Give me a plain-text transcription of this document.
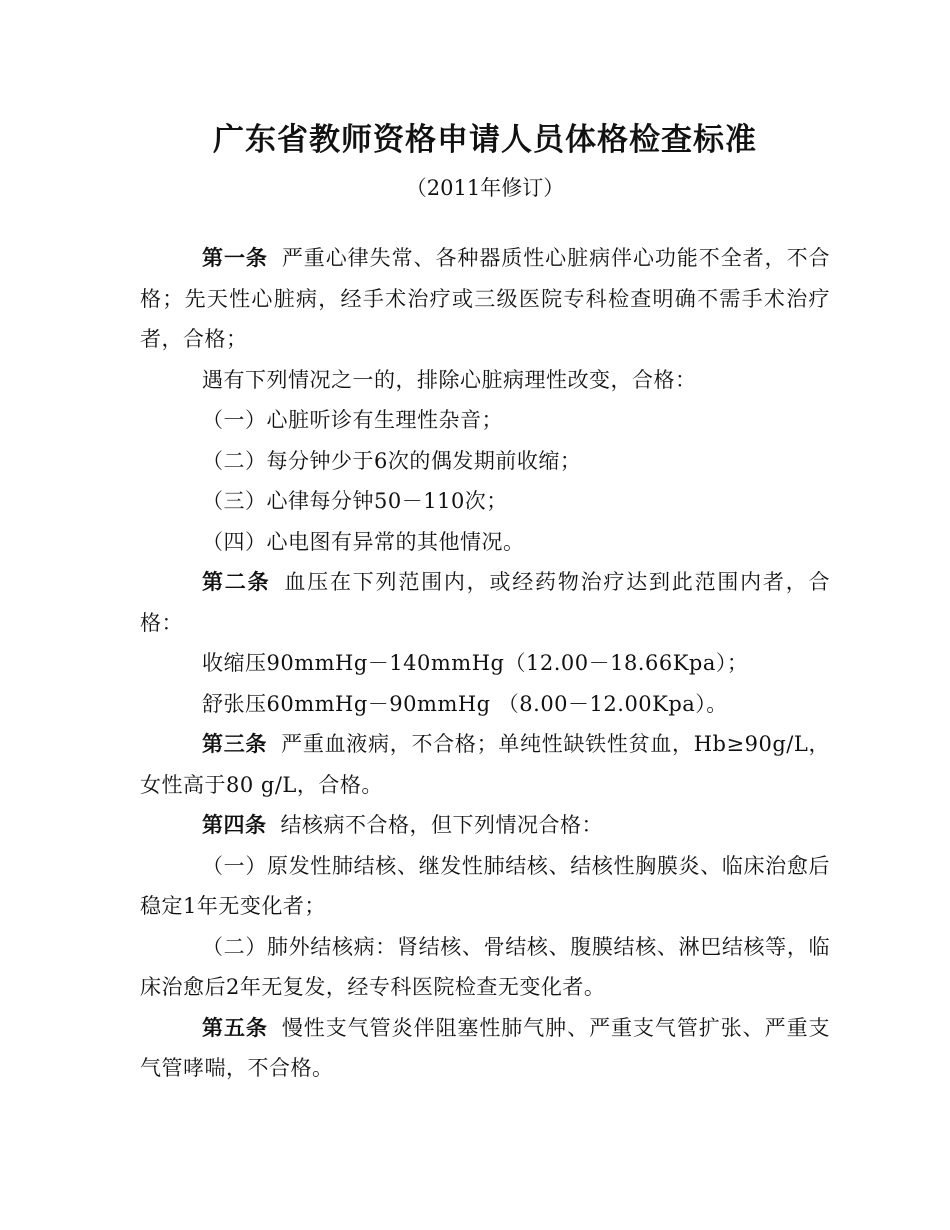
广东省教师资格申请人员体格检查标准

（2011年修订）

第一条 严重心律失常、各种器质性心脏病伴心功能不全者，不合格；先天性心脏病，经手术治疗或三级医院专科检查明确不需手术治疗者，合格；

遇有下列情况之一的，排除心脏病理性改变，合格：

（一）心脏听诊有生理性杂音；

（二）每分钟少于6次的偶发期前收缩；

（三）心律每分钟50－110次；

（四）心电图有异常的其他情况。

第二条 血压在下列范围内，或经药物治疗达到此范围内者，合格：

收缩压90mmHg－140mmHg（12.00－18.66Kpa）；

舒张压60mmHg－90mmHg （8.00－12.00Kpa）。

第三条 严重血液病，不合格；单纯性缺铁性贫血，Hb≥90g/L，女性高于80 g/L，合格。

第四条 结核病不合格，但下列情况合格：

（一）原发性肺结核、继发性肺结核、结核性胸膜炎、临床治愈后稳定1年无变化者；

（二）肺外结核病：肾结核、骨结核、腹膜结核、淋巴结核等，临床治愈后2年无复发，经专科医院检查无变化者。

第五条 慢性支气管炎伴阻塞性肺气肿、严重支气管扩张、严重支气管哮喘，不合格。
